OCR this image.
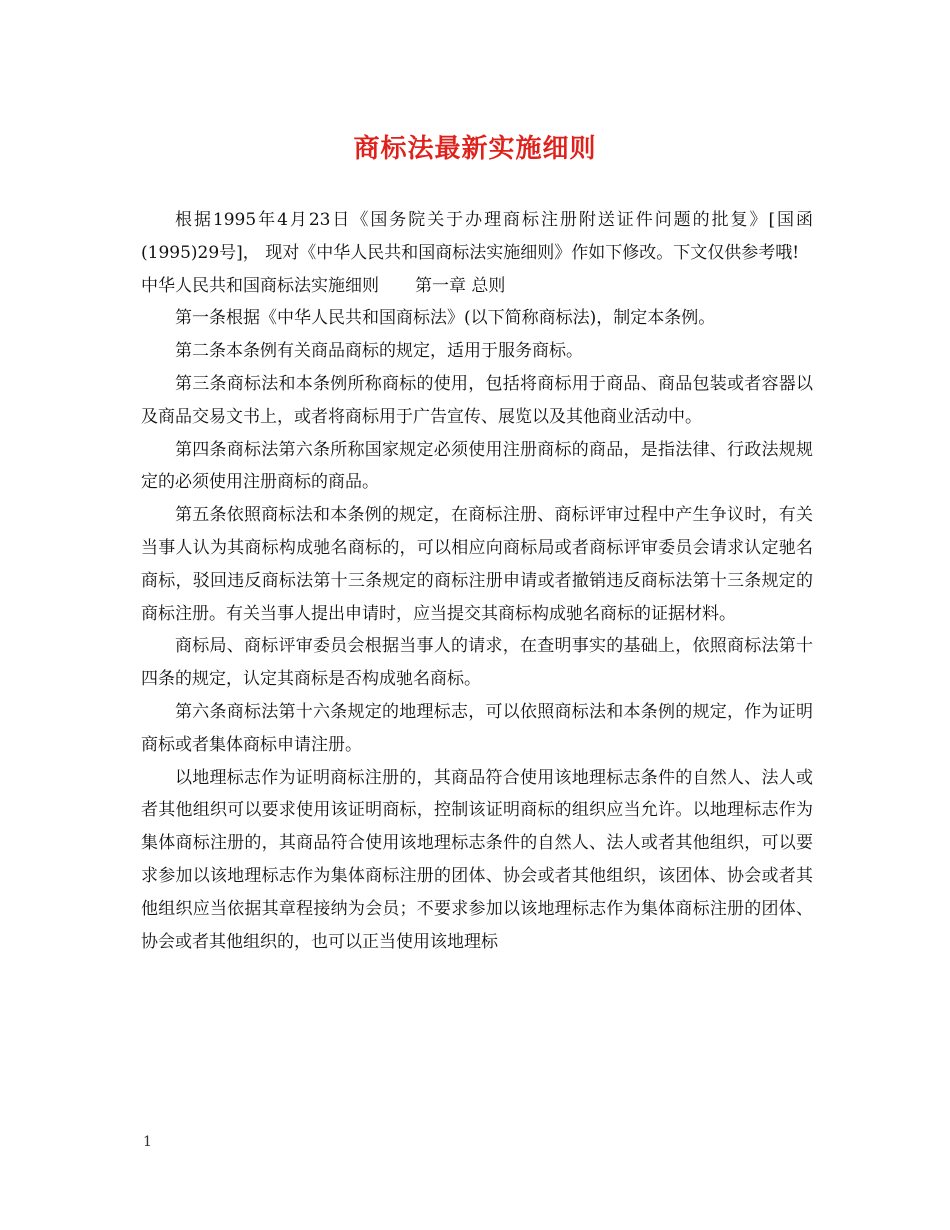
商标法最新实施细则

根据1995年4月23日《国务院关于办理商标注册附送证件问题的批复》[国函(1995)29号]， 现对《中华人民共和国商标法实施细则》作如下修改。下文仅供参考哦!

中华人民共和国商标法实施细则 第一章 总则

第一条根据《中华人民共和国商标法》(以下简称商标法)，制定本条例。

第二条本条例有关商品商标的规定，适用于服务商标。

第三条商标法和本条例所称商标的使用，包括将商标用于商品、商品包装或者容器以及商品交易文书上，或者将商标用于广告宣传、展览以及其他商业活动中。

第四条商标法第六条所称国家规定必须使用注册商标的商品，是指法律、行政法规规定的必须使用注册商标的商品。

第五条依照商标法和本条例的规定，在商标注册、商标评审过程中产生争议时，有关当事人认为其商标构成驰名商标的，可以相应向商标局或者商标评审委员会请求认定驰名商标，驳回违反商标法第十三条规定的商标注册申请或者撤销违反商标法第十三条规定的商标注册。有关当事人提出申请时，应当提交其商标构成驰名商标的证据材料。

商标局、商标评审委员会根据当事人的请求，在查明事实的基础上，依照商标法第十四条的规定，认定其商标是否构成驰名商标。

第六条商标法第十六条规定的地理标志，可以依照商标法和本条例的规定，作为证明商标或者集体商标申请注册。

以地理标志作为证明商标注册的，其商品符合使用该地理标志条件的自然人、法人或者其他组织可以要求使用该证明商标，控制该证明商标的组织应当允许。以地理标志作为集体商标注册的，其商品符合使用该地理标志条件的自然人、法人或者其他组织，可以要求参加以该地理标志作为集体商标注册的团体、协会或者其他组织，该团体、协会或者其他组织应当依据其章程接纳为会员；不要求参加以该地理标志作为集体商标注册的团体、协会或者其他组织的，也可以正当使用该地理标

1
